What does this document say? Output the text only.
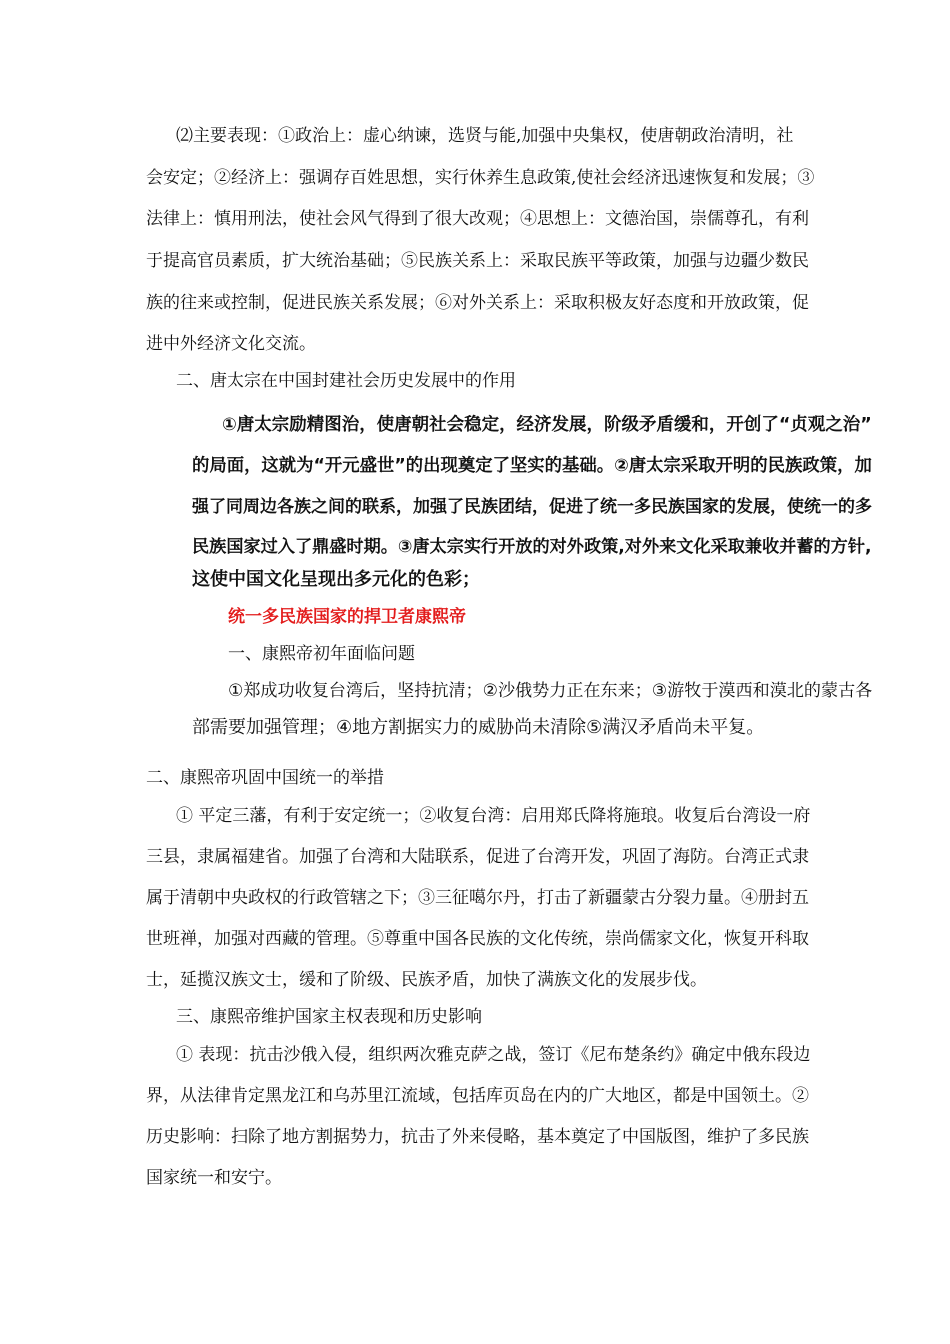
⑵主要表现：①政治上：虚心纳谏，选贤与能,加强中央集权，使唐朝政治清明，社
会安定；②经济上：强调存百姓思想，实行休养生息政策,使社会经济迅速恢复和发展；③
法律上：慎用刑法，使社会风气得到了很大改观；④思想上：文德治国，崇儒尊孔，有利
于提高官员素质，扩大统治基础；⑤民族关系上：采取民族平等政策，加强与边疆少数民
族的往来或控制，促进民族关系发展；⑥对外关系上：采取积极友好态度和开放政策，促
进中外经济文化交流。
二、唐太宗在中国封建社会历史发展中的作用
①唐太宗励精图治，使唐朝社会稳定，经济发展，阶级矛盾缓和，开创了“贞观之治”
的局面，这就为“开元盛世”的出现奠定了坚实的基础。②唐太宗采取开明的民族政策，加
强了同周边各族之间的联系，加强了民族团结，促进了统一多民族国家的发展，使统一的多
民族国家过入了鼎盛时期。③唐太宗实行开放的对外政策,对外来文化采取兼收并蓄的方针,
这使中国文化呈现出多元化的色彩；
统一多民族国家的捍卫者康熙帝
一、康熙帝初年面临问题
①郑成功收复台湾后，坚持抗清；②沙俄势力正在东来；③游牧于漠西和漠北的蒙古各
部需要加强管理；④地方割据实力的威胁尚未清除⑤满汉矛盾尚未平复。
二、康熙帝巩固中国统一的举措
① 平定三藩，有利于安定统一；②收复台湾：启用郑氏降将施琅。收复后台湾设一府
三县，隶属福建省。加强了台湾和大陆联系，促进了台湾开发，巩固了海防。台湾正式隶
属于清朝中央政权的行政管辖之下；③三征噶尔丹，打击了新疆蒙古分裂力量。④册封五
世班禅，加强对西藏的管理。⑤尊重中国各民族的文化传统，崇尚儒家文化，恢复开科取
士，延揽汉族文士，缓和了阶级、民族矛盾，加快了满族文化的发展步伐。
三、康熙帝维护国家主权表现和历史影响
① 表现：抗击沙俄入侵，组织两次雅克萨之战，签订《尼布楚条约》确定中俄东段边
界，从法律肯定黑龙江和乌苏里江流域，包括库页岛在内的广大地区，都是中国领土。②
历史影响：扫除了地方割据势力，抗击了外来侵略，基本奠定了中国版图，维护了多民族
国家统一和安宁。
